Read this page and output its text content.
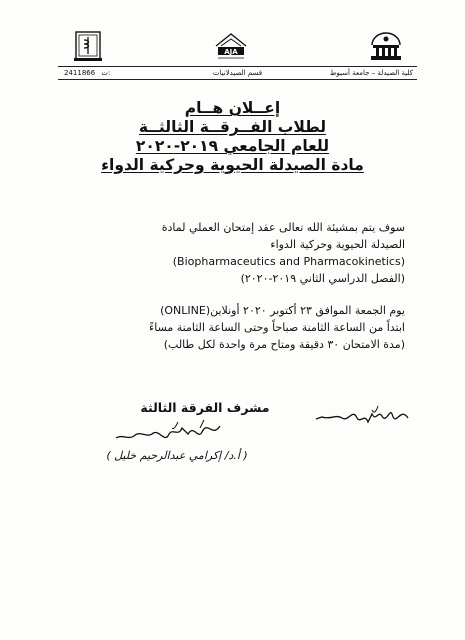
AJA
كلية الصيدلة – جامعة أسيوط
قسم الصيدلانيات
2411866 ت:
إعــلان هــام
لطلاب الفــرقــة الثالثــة
للعام الجامعي ٢٠١٩-٢٠٢٠
مادة الصيدلة الحيوية وحركية الدواء
سوف يتم بمشيئة الله تعالى عقد إمتحان العملي لمادة
الصيدلة الحيوية وحركية الدواء
(Biopharmaceutics and Pharmacokinetics)
(الفصل الدراسي الثاني ٢٠١٩-٢٠٢٠)
يوم الجمعة الموافق ٢٣ أكتوبر ٢٠٢٠ أونلاين(ONLINE)
ابتداً من الساعة الثامنة صباحاً وحتى الساعة الثامنة مساءً
(مدة الامتحان ٣٠ دقيقة ومتاح مرة واحدة لكل طالب)
مشرف الفرقة الثالثة
( أ.د/ إكرامي عبدالرحيم خليل )
